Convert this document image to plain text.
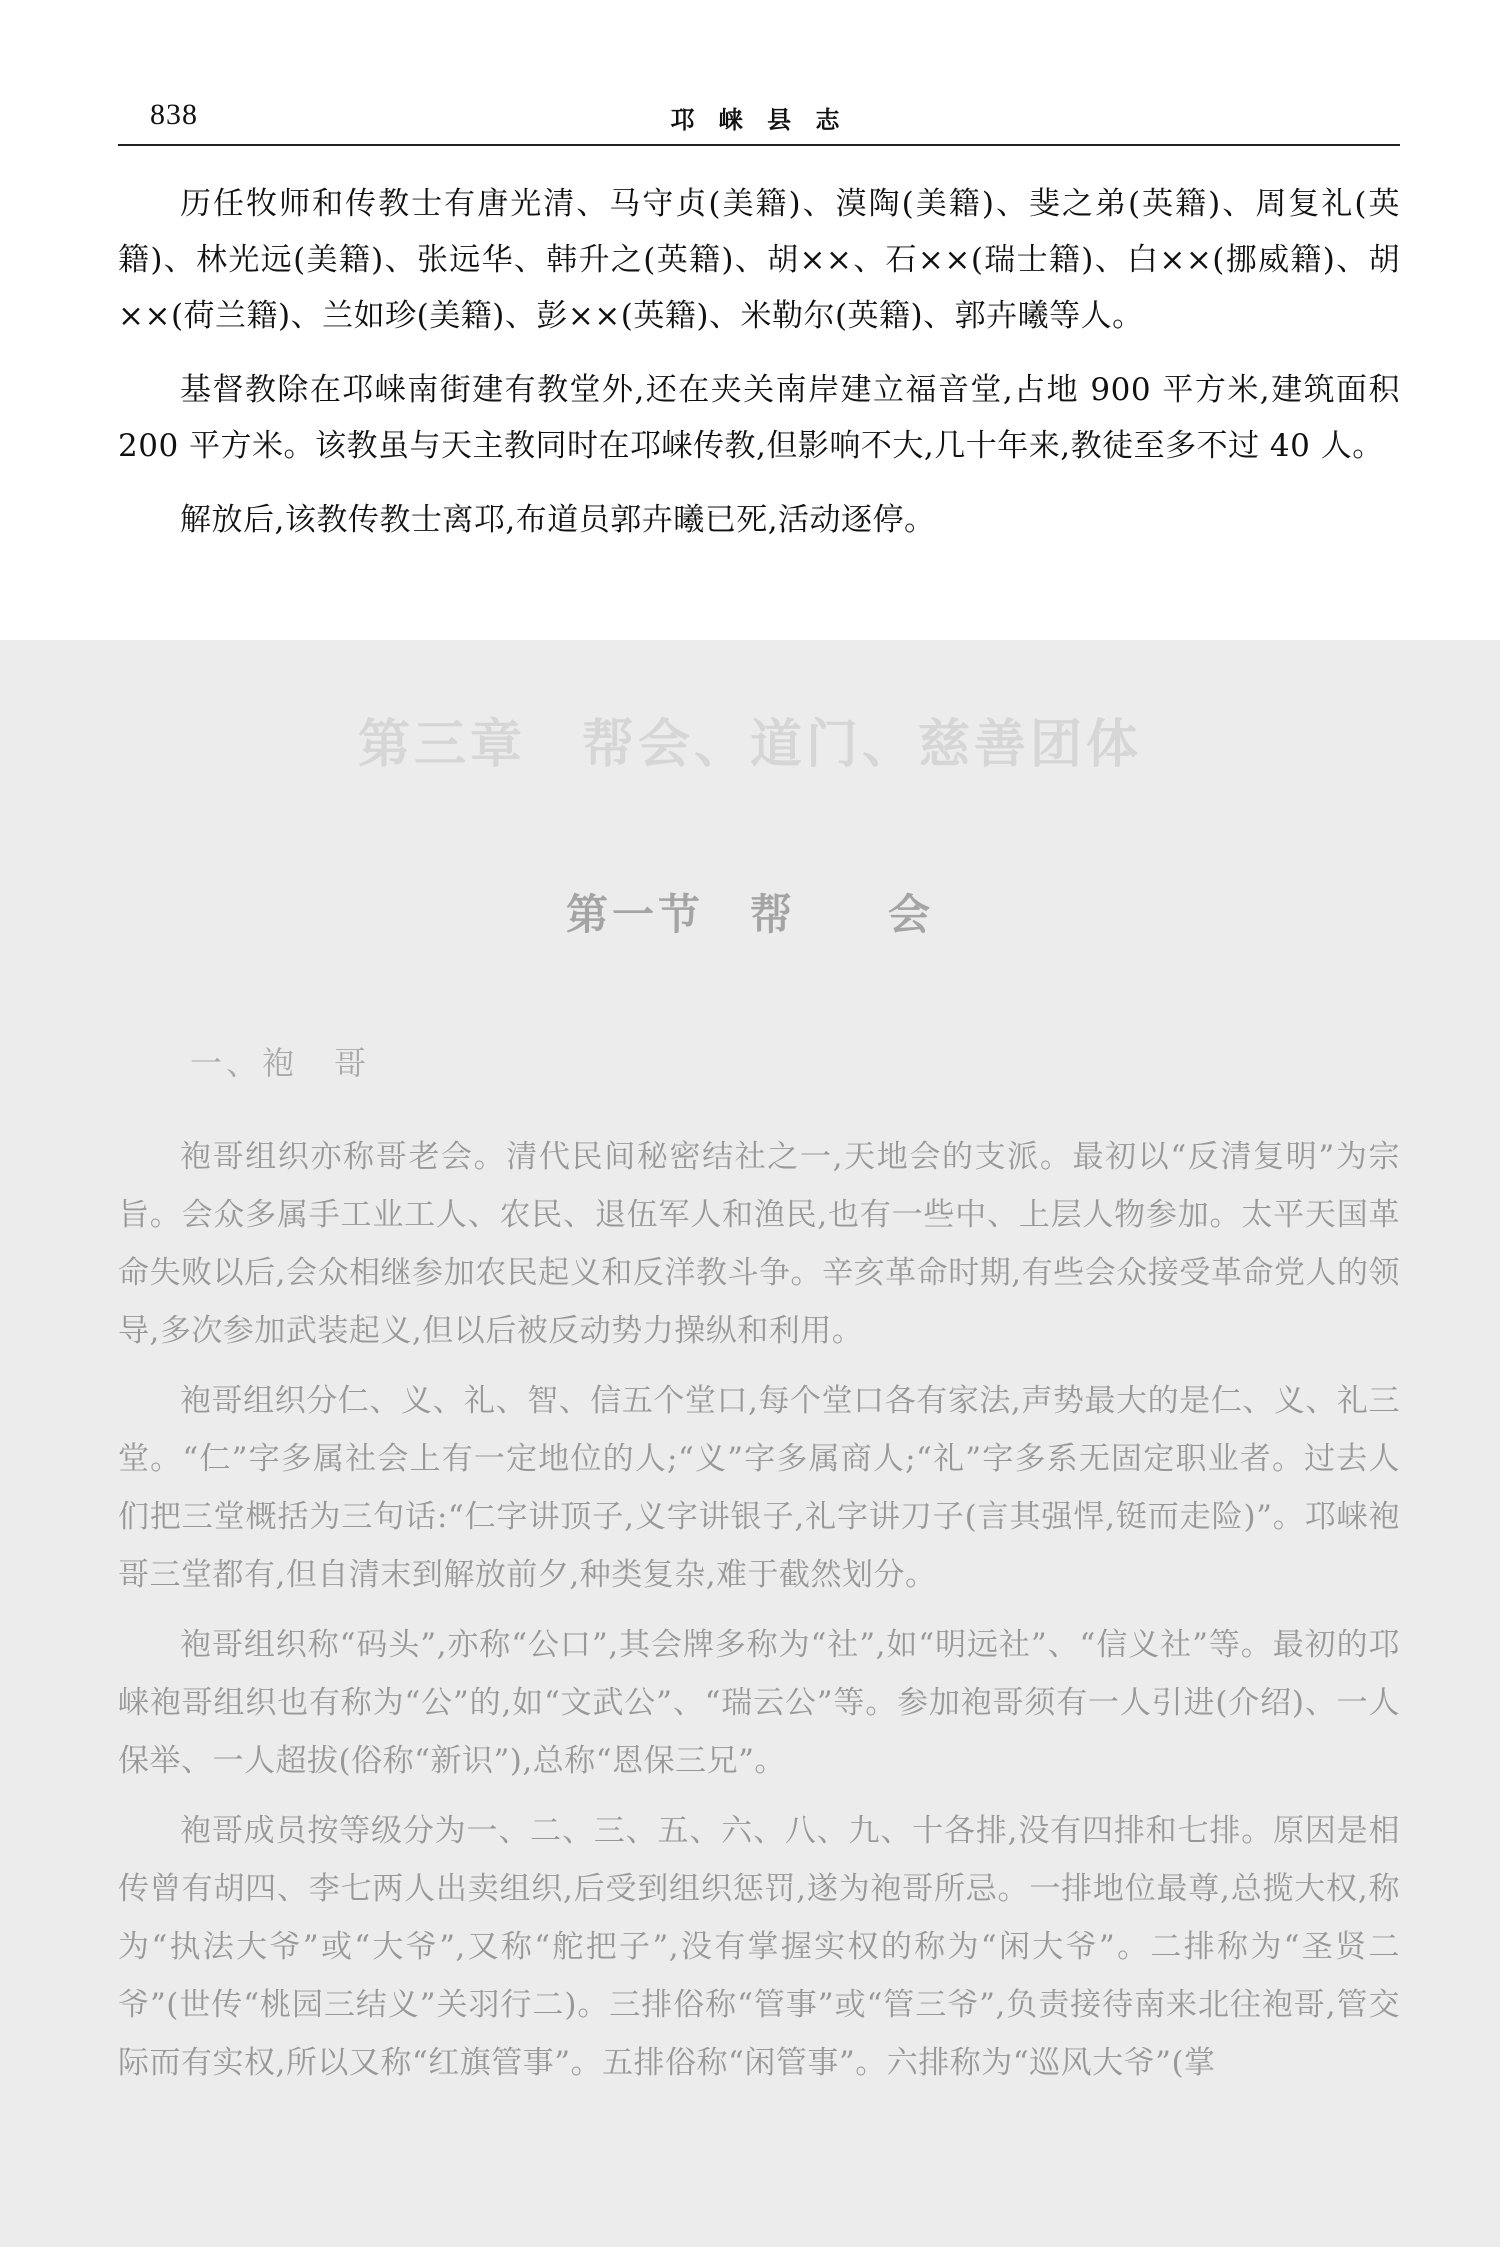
838	邛 崃 县 志

历任牧师和传教士有唐光清、马守贞(美籍)、漠陶(美籍)、斐之弟(英籍)、周复礼(英籍)、林光远(美籍)、张远华、韩升之(英籍)、胡××、石××(瑞士籍)、白××(挪威籍)、胡××(荷兰籍)、兰如珍(美籍)、彭××(英籍)、米勒尔(英籍)、郭卉曦等人。

基督教除在邛崃南街建有教堂外,还在夹关南岸建立福音堂,占地 900 平方米,建筑面积 200 平方米。该教虽与天主教同时在邛崃传教,但影响不大,几十年来,教徒至多不过 40 人。

解放后,该教传教士离邛,布道员郭卉曦已死,活动逐停。

第三章　帮会、道门、慈善团体
第一节　帮　　会
一、袍　哥

袍哥组织亦称哥老会。清代民间秘密结社之一,天地会的支派。最初以“反清复明”为宗旨。会众多属手工业工人、农民、退伍军人和渔民,也有一些中、上层人物参加。太平天国革命失败以后,会众相继参加农民起义和反洋教斗争。辛亥革命时期,有些会众接受革命党人的领导,多次参加武装起义,但以后被反动势力操纵和利用。

袍哥组织分仁、义、礼、智、信五个堂口,每个堂口各有家法,声势最大的是仁、义、礼三堂。“仁”字多属社会上有一定地位的人;“义”字多属商人;“礼”字多系无固定职业者。过去人们把三堂概括为三句话:“仁字讲顶子,义字讲银子,礼字讲刀子(言其强悍,铤而走险)”。邛崃袍哥三堂都有,但自清末到解放前夕,种类复杂,难于截然划分。

袍哥组织称“码头”,亦称“公口”,其会牌多称为“社”,如“明远社”、“信义社”等。最初的邛崃袍哥组织也有称为“公”的,如“文武公”、“瑞云公”等。参加袍哥须有一人引进(介绍)、一人保举、一人超拔(俗称“新识”),总称“恩保三兄”。

袍哥成员按等级分为一、二、三、五、六、八、九、十各排,没有四排和七排。原因是相传曾有胡四、李七两人出卖组织,后受到组织惩罚,遂为袍哥所忌。一排地位最尊,总揽大权,称为“执法大爷”或“大爷”,又称“舵把子”,没有掌握实权的称为“闲大爷”。二排称为“圣贤二爷”(世传“桃园三结义”关羽行二)。三排俗称“管事”或“管三爷”,负责接待南来北往袍哥,管交际而有实权,所以又称“红旗管事”。五排俗称“闲管事”。六排称为“巡风大爷”(掌
